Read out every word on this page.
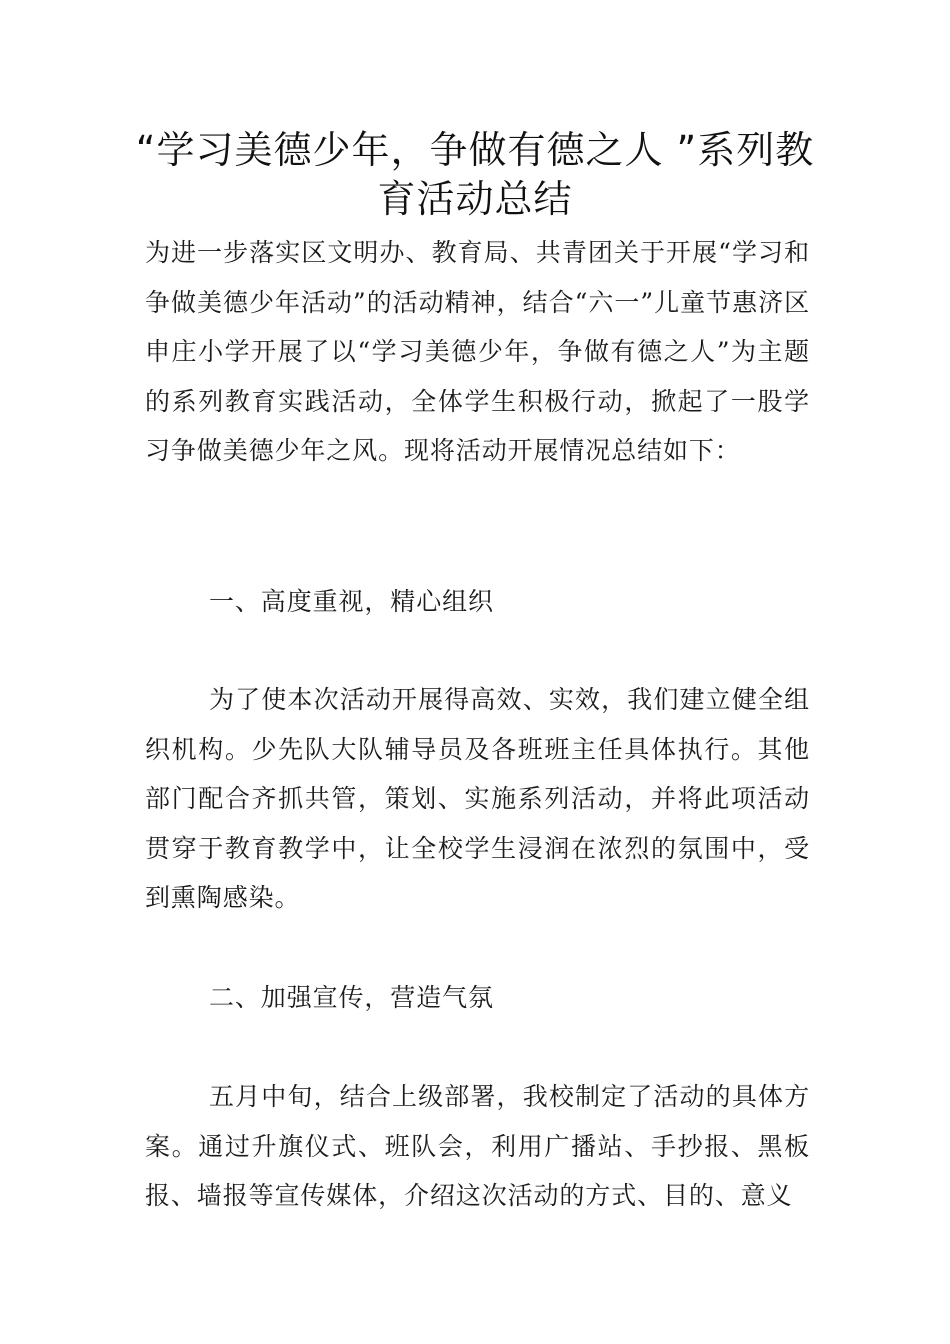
“学习美德少年，争做有德之人 ”系列教育活动总结

为进一步落实区文明办、教育局、共青团关于开展“学习和争做美德少年活动”的活动精神，结合“六一”儿童节惠济区申庄小学开展了以“学习美德少年，争做有德之人”为主题的系列教育实践活动，全体学生积极行动，掀起了一股学习争做美德少年之风。现将活动开展情况总结如下：

一、高度重视，精心组织

为了使本次活动开展得高效、实效，我们建立健全组织机构。少先队大队辅导员及各班班主任具体执行。其他部门配合齐抓共管，策划、实施系列活动，并将此项活动贯穿于教育教学中，让全校学生浸润在浓烈的氛围中，受到熏陶感染。

二、加强宣传，营造气氛

五月中旬，结合上级部署，我校制定了活动的具体方案。通过升旗仪式、班队会，利用广播站、手抄报、黑板报、墙报等宣传媒体，介绍这次活动的方式、目的、意义
